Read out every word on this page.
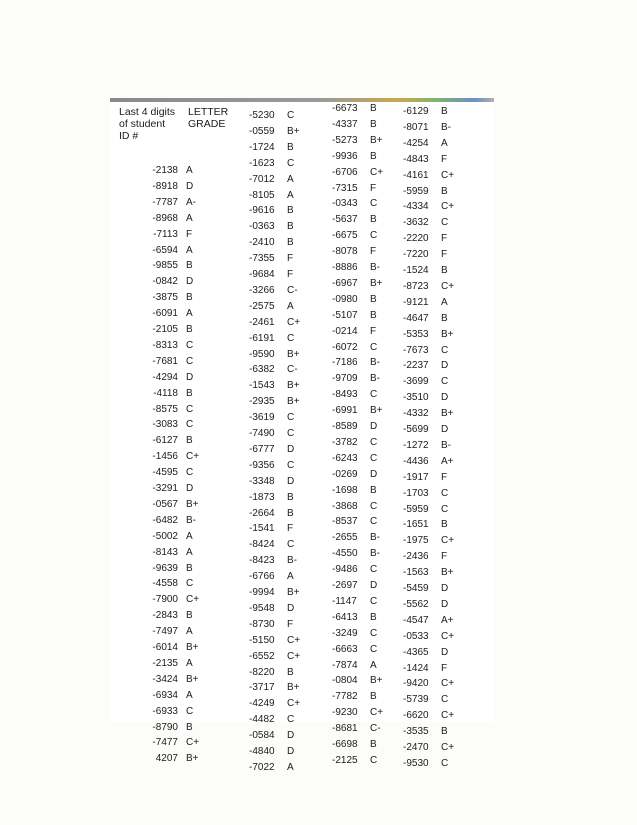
Last 4 digits
of student
ID #
LETTER
GRADE
-2138 A
-8918 D
-7787 A-
-8968 A
-7113 F
-6594 A
-9855 B
-0842 D
-3875 B
-6091 A
-2105 B
-8313 C
-7681 C
-4294 D
-4118 B
-8575 C
-3083 C
-6127 B
-1456 C+
-4595 C
-3291 D
-0567 B+
-6482 B-
-5002 A
-8143 A
-9639 B
-4558 C
-7900 C+
-2843 B
-7497 A
-6014 B+
-2135 A
-3424 B+
-6934 A
-6933 C
-8790 B
-7477 C+
4207 B+
-5230 C
-0559 B+
-1724 B
-1623 C
-7012 A
-8105 A
-9616 B
-0363 B
-2410 B
-7355 F
-9684 F
-3266 C-
-2575 A
-2461 C+
-6191 C
-9590 B+
-6382 C-
-1543 B+
-2935 B+
-3619 C
-7490 C
-6777 D
-9356 C
-3348 D
-1873 B
-2664 B
-1541 F
-8424 C
-8423 B-
-6766 A
-9994 B+
-9548 D
-8730 F
-5150 C+
-6552 C+
-8220 B
-3717 B+
-4249 C+
-4482 C
-0584 D
-4840 D
-7022 A
-6673 B
-4337 B
-5273 B+
-9936 B
-6706 C+
-7315 F
-0343 C
-5637 B
-6675 C
-8078 F
-8886 B-
-6967 B+
-0980 B
-5107 B
-0214 F
-6072 C
-7186 B-
-9709 B-
-8493 C
-6991 B+
-8589 D
-3782 C
-6243 C
-0269 D
-1698 B
-3868 C
-8537 C
-2655 B-
-4550 B-
-9486 C
-2697 D
-1147 C
-6413 B
-3249 C
-6663 C
-7874 A
-0804 B+
-7782 B
-9230 C+
-8681 C-
-6698 B
-2125 C
-6129 B
-8071 B-
-4254 A
-4843 F
-4161 C+
-5959 B
-4334 C+
-3632 C
-2220 F
-7220 F
-1524 B
-8723 C+
-9121 A
-4647 B
-5353 B+
-7673 C
-2237 D
-3699 C
-3510 D
-4332 B+
-5699 D
-1272 B-
-4436 A+
-1917 F
-1703 C
-5959 C
-1651 B
-1975 C+
-2436 F
-1563 B+
-5459 D
-5562 D
-4547 A+
-0533 C+
-4365 D
-1424 F
-9420 C+
-5739 C
-6620 C+
-3535 B
-2470 C+
-9530 C
